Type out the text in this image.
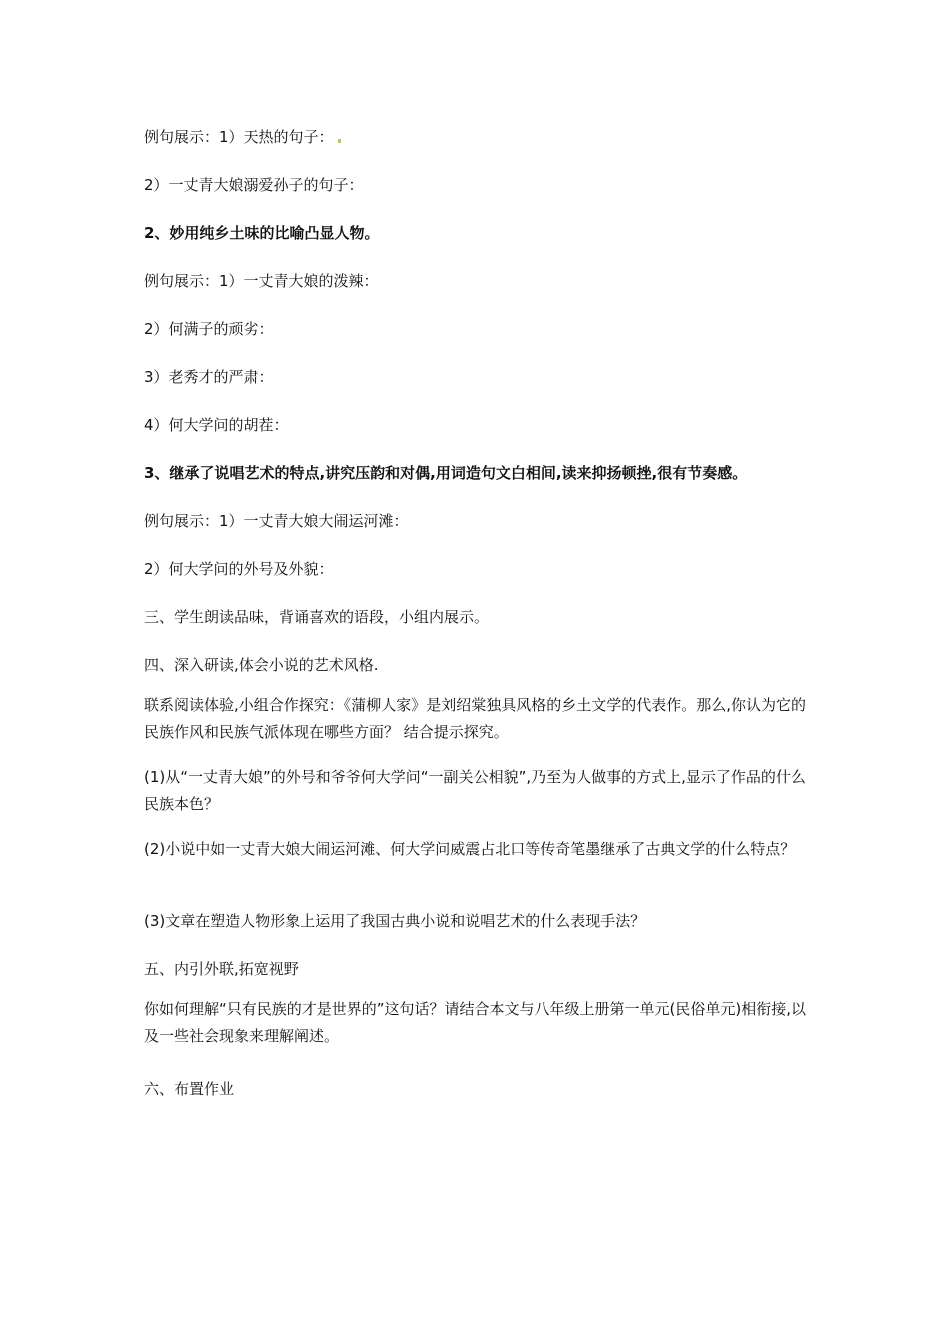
例句展示：1）天热的句子：
2）一丈青大娘溺爱孙子的句子：
2、妙用纯乡土味的比喻凸显人物。
例句展示：1）一丈青大娘的泼辣：
2）何满子的顽劣：
3）老秀才的严肃：
4）何大学问的胡茬：
3、继承了说唱艺术的特点,讲究压韵和对偶,用词造句文白相间,读来抑扬顿挫,很有节奏感。
例句展示：1）一丈青大娘大闹运河滩：
2）何大学问的外号及外貌：
三、学生朗读品味，背诵喜欢的语段，小组内展示。
四、深入研读,体会小说的艺术风格.
联系阅读体验,小组合作探究：《蒲柳人家》是刘绍棠独具风格的乡土文学的代表作。那么,你认为它的民族作风和民族气派体现在哪些方面？ 结合提示探究。
(1)从“一丈青大娘”的外号和爷爷何大学问“一副关公相貌”,乃至为人做事的方式上,显示了作品的什么民族本色？
(2)小说中如一丈青大娘大闹运河滩、何大学问威震占北口等传奇笔墨继承了古典文学的什么特点？
(3)文章在塑造人物形象上运用了我国古典小说和说唱艺术的什么表现手法？
五、内引外联,拓宽视野
你如何理解“只有民族的才是世界的”这句话？请结合本文与八年级上册第一单元(民俗单元)相衔接,以及一些社会现象来理解阐述。
六、布置作业
